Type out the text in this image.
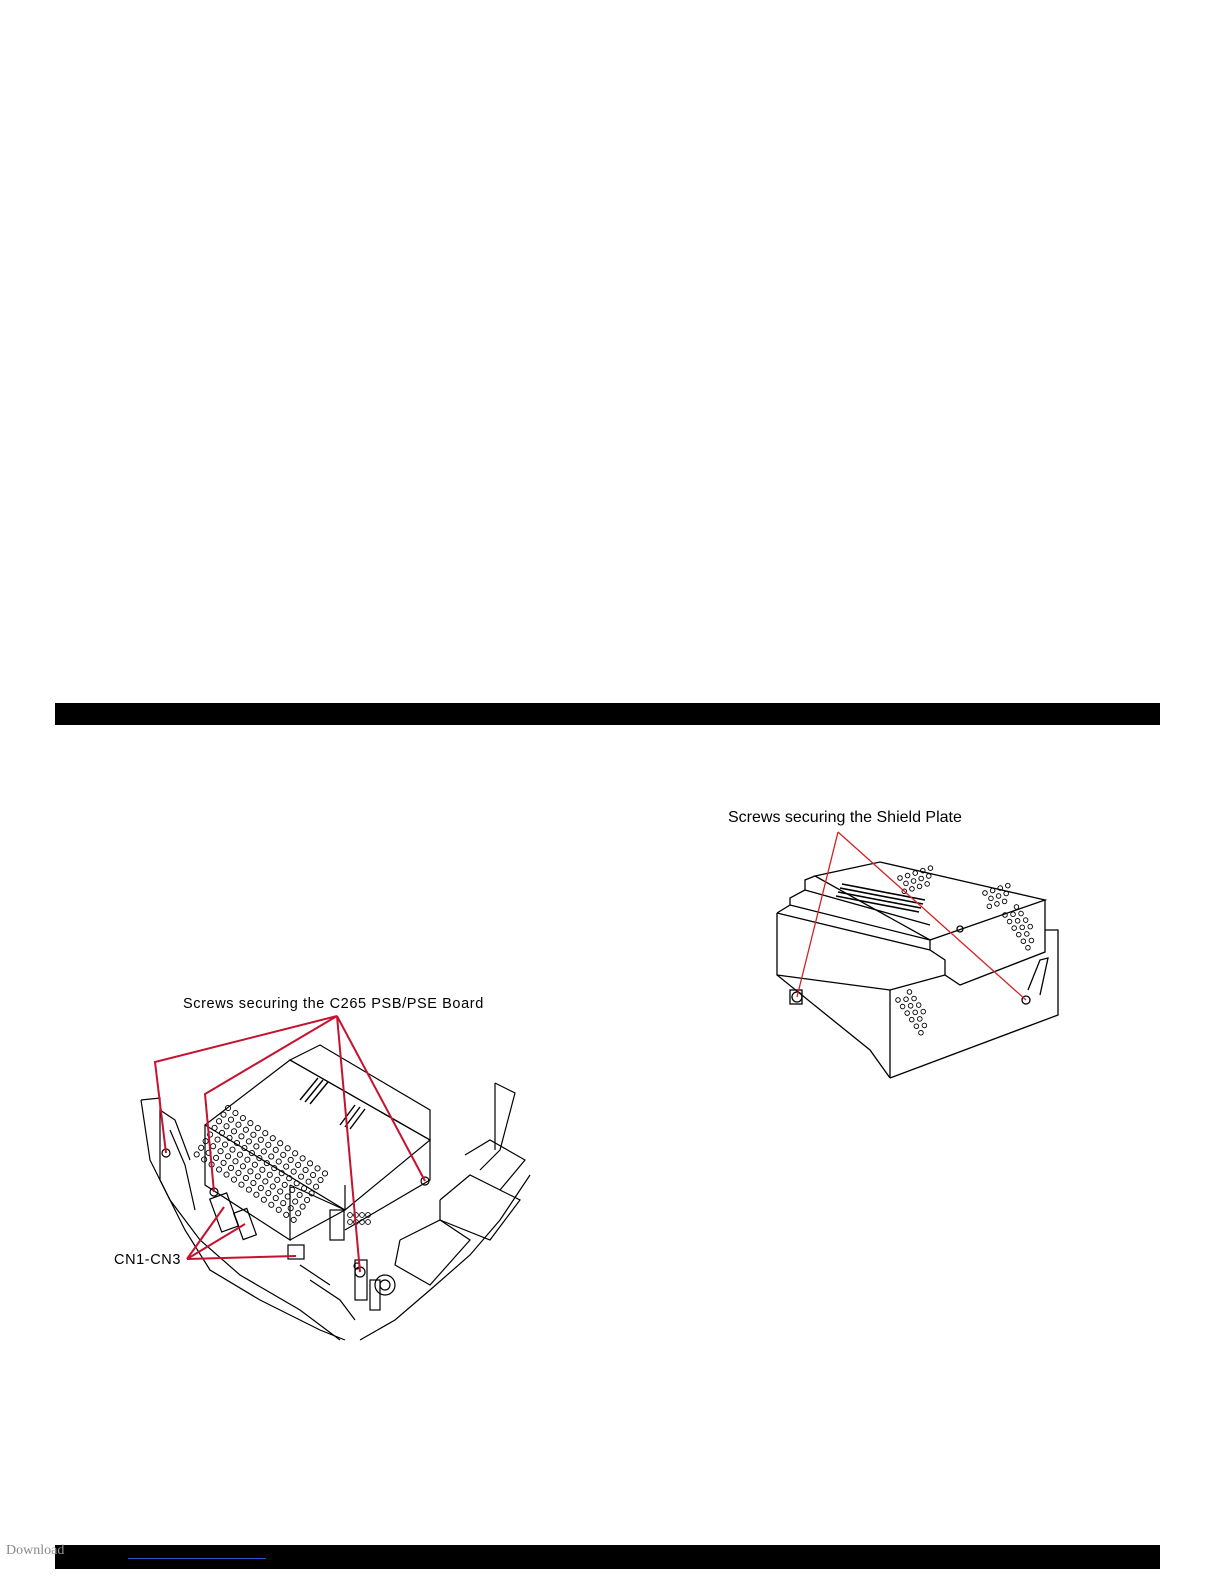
Screws securing the C265 PSB/PSE Board
CN1-CN3
Screws securing the Shield Plate
Download
